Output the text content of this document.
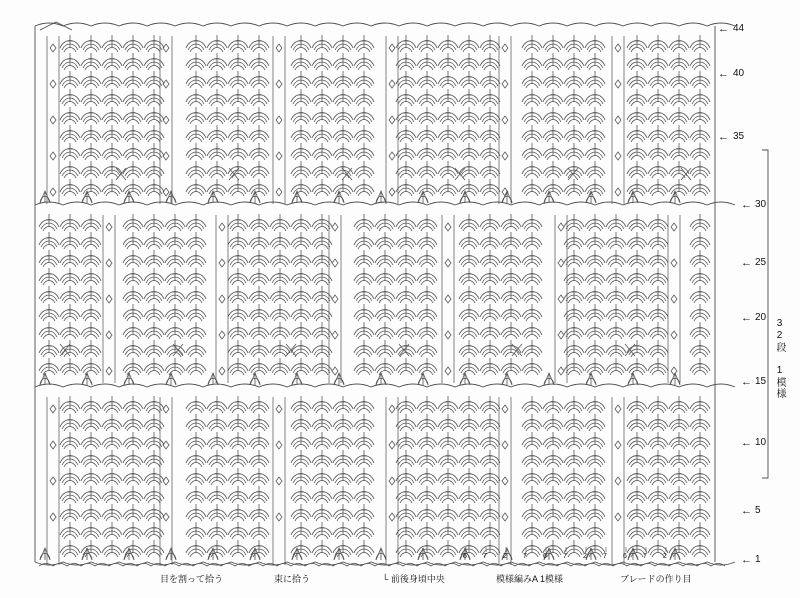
← 44
← 40
← 35
← 30
← 25
← 20
← 15
← 10
← 5
← 1
32段 1模様
目を割って拾う	束に拾う	└ 前後身頃中央	模様編みA 1模様	ブレードの作り目
6 7 2 7 6 7 2 7 6 7 2
